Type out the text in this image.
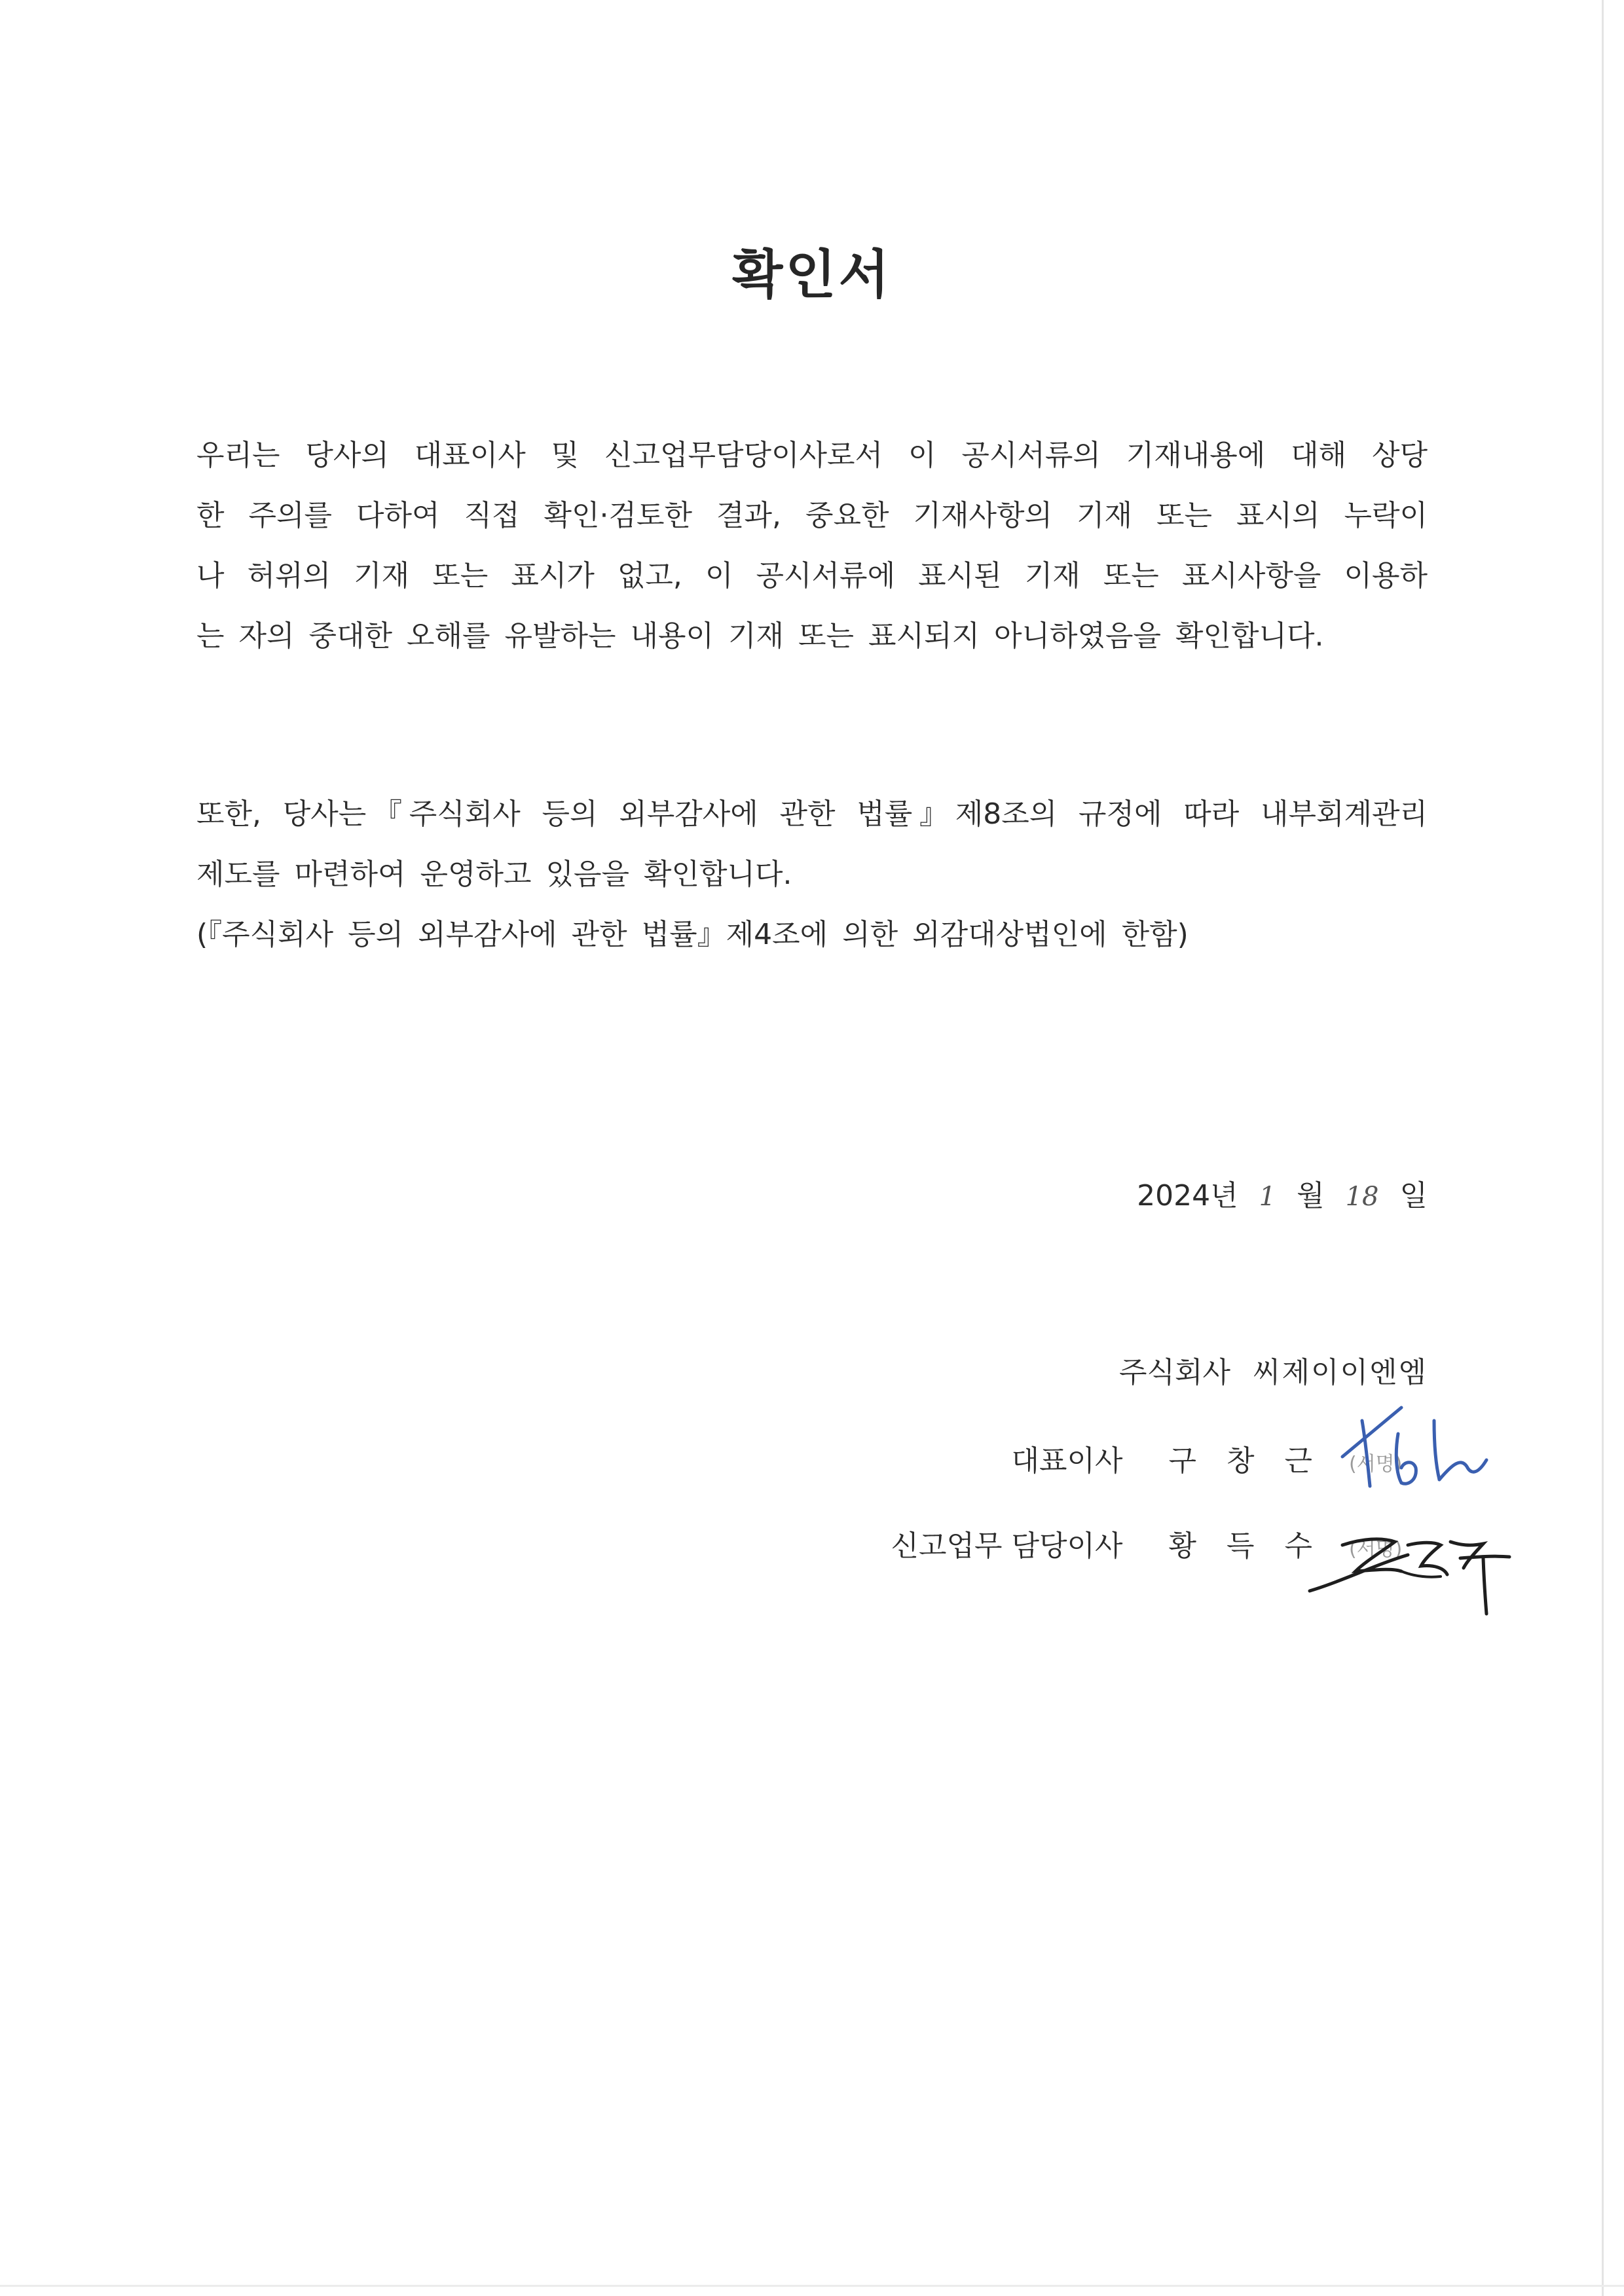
확인서
우리는 당사의 대표이사 및 신고업무담당이사로서 이 공시서류의 기재내용에 대해 상당
한 주의를 다하여 직접 확인·검토한 결과, 중요한 기재사항의 기재 또는 표시의 누락이
나 허위의 기재 또는 표시가 없고, 이 공시서류에 표시된 기재 또는 표시사항을 이용하
는 자의 중대한 오해를 유발하는 내용이 기재 또는 표시되지 아니하였음을 확인합니다.
또한, 당사는『주식회사 등의 외부감사에 관한 법률』제8조의 규정에 따라 내부회계관리
제도를 마련하여 운영하고 있음을 확인합니다.
(『주식회사 등의 외부감사에 관한 법률』제4조에 의한 외감대상법인에 한함)
2024년 1 월 18 일
주식회사 씨제이이엔엠
대표이사 구창근 (서명)
신고업무 담당이사 황득수 (서명)
